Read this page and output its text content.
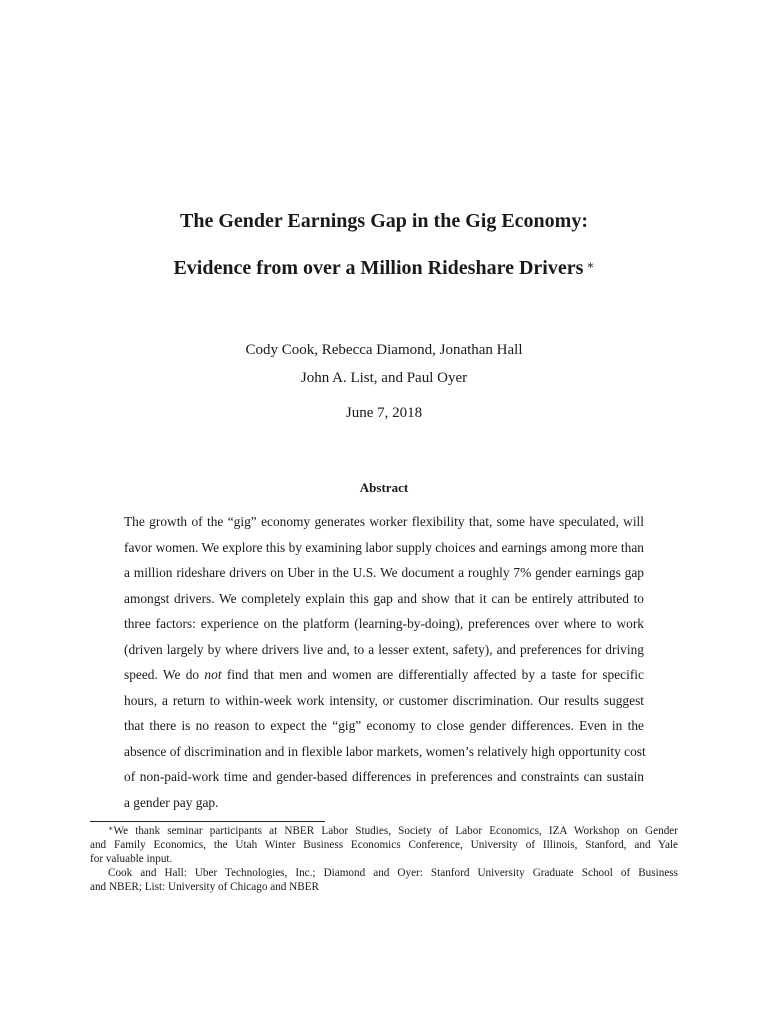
The Gender Earnings Gap in the Gig Economy:
Evidence from over a Million Rideshare Drivers ∗
Cody Cook, Rebecca Diamond, Jonathan Hall
John A. List, and Paul Oyer
June 7, 2018
Abstract
The growth of the “gig” economy generates worker flexibility that, some have speculated, will
favor women. We explore this by examining labor supply choices and earnings among more than
a million rideshare drivers on Uber in the U.S. We document a roughly 7% gender earnings gap
amongst drivers. We completely explain this gap and show that it can be entirely attributed to
three factors: experience on the platform (learning-by-doing), preferences over where to work
(driven largely by where drivers live and, to a lesser extent, safety), and preferences for driving
speed. We do not find that men and women are differentially affected by a taste for specific
hours, a return to within-week work intensity, or customer discrimination. Our results suggest
that there is no reason to expect the “gig” economy to close gender differences. Even in the
absence of discrimination and in flexible labor markets, women’s relatively high opportunity cost
of non-paid-work time and gender-based differences in preferences and constraints can sustain
a gender pay gap.
∗We thank seminar participants at NBER Labor Studies, Society of Labor Economics, IZA Workshop on Gender
and Family Economics, the Utah Winter Business Economics Conference, University of Illinois, Stanford, and Yale
for valuable input.
Cook and Hall: Uber Technologies, Inc.; Diamond and Oyer: Stanford University Graduate School of Business
and NBER; List: University of Chicago and NBER
